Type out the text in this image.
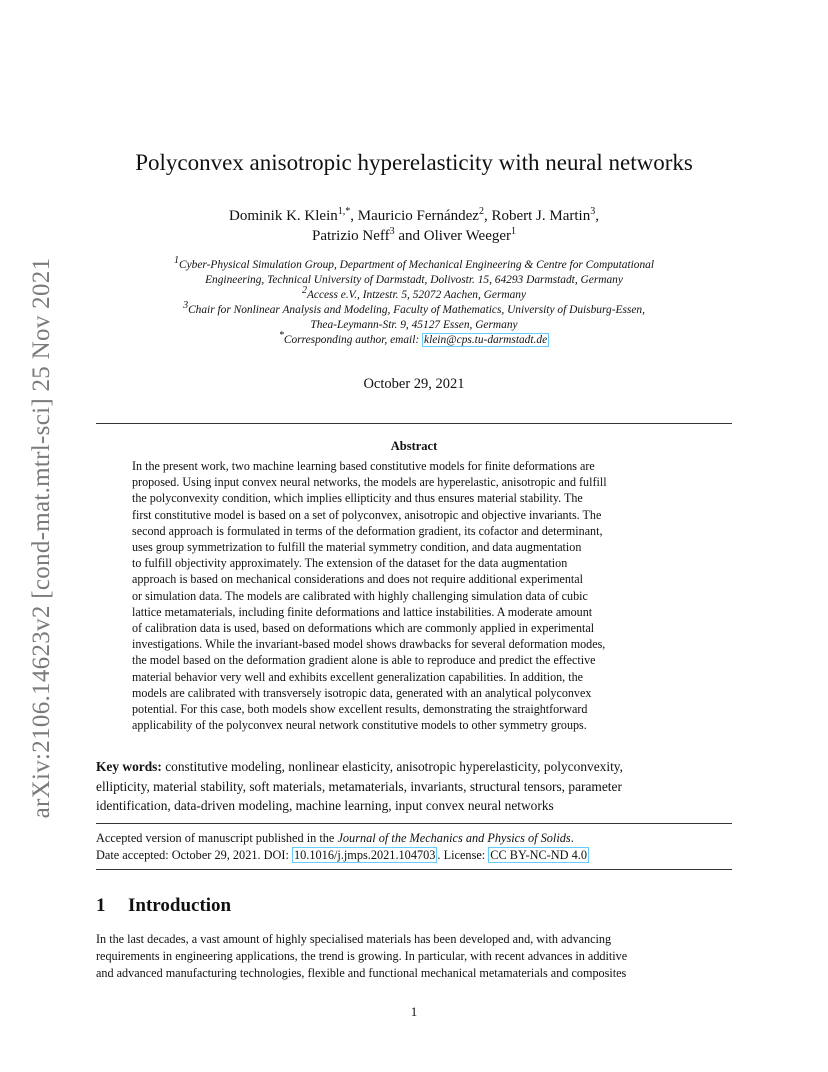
arXiv:2106.14623v2 [cond-mat.mtrl-sci] 25 Nov 2021
Polyconvex anisotropic hyperelasticity with neural networks
Dominik K. Klein$^{1,*}$, Mauricio Fernández$^2$, Robert J. Martin$^3$,
Patrizio Neff$^3$ and Oliver Weeger$^1$
$^1$Cyber-Physical Simulation Group, Department of Mechanical Engineering & Centre for Computational
Engineering, Technical University of Darmstadt, Dolivostr. 15, 64293 Darmstadt, Germany
$^2$Access e.V., Intzestr. 5, 52072 Aachen, Germany
$^3$Chair for Nonlinear Analysis and Modeling, Faculty of Mathematics, University of Duisburg-Essen,
Thea-Leymann-Str. 9, 45127 Essen, Germany
*Corresponding author, email: klein@cps.tu-darmstadt.de
October 29, 2021
Abstract
In the present work, two machine learning based constitutive models for finite deformations are
proposed. Using input convex neural networks, the models are hyperelastic, anisotropic and fulfill
the polyconvexity condition, which implies ellipticity and thus ensures material stability. The
first constitutive model is based on a set of polyconvex, anisotropic and objective invariants. The
second approach is formulated in terms of the deformation gradient, its cofactor and determinant,
uses group symmetrization to fulfill the material symmetry condition, and data augmentation
to fulfill objectivity approximately. The extension of the dataset for the data augmentation
approach is based on mechanical considerations and does not require additional experimental
or simulation data. The models are calibrated with highly challenging simulation data of cubic
lattice metamaterials, including finite deformations and lattice instabilities. A moderate amount
of calibration data is used, based on deformations which are commonly applied in experimental
investigations. While the invariant-based model shows drawbacks for several deformation modes,
the model based on the deformation gradient alone is able to reproduce and predict the effective
material behavior very well and exhibits excellent generalization capabilities. In addition, the
models are calibrated with transversely isotropic data, generated with an analytical polyconvex
potential. For this case, both models show excellent results, demonstrating the straightforward
applicability of the polyconvex neural network constitutive models to other symmetry groups.
Key words: constitutive modeling, nonlinear elasticity, anisotropic hyperelasticity, polyconvexity,
ellipticity, material stability, soft materials, metamaterials, invariants, structural tensors, parameter
identification, data-driven modeling, machine learning, input convex neural networks
Accepted version of manuscript published in the Journal of the Mechanics and Physics of Solids.
Date accepted: October 29, 2021. DOI: 10.1016/j.jmps.2021.104703 . License: CC BY-NC-ND 4.0
1 Introduction
In the last decades, a vast amount of highly specialised materials has been developed and, with advancing
requirements in engineering applications, the trend is growing. In particular, with recent advances in additive
and advanced manufacturing technologies, flexible and functional mechanical metamaterials and composites
1
